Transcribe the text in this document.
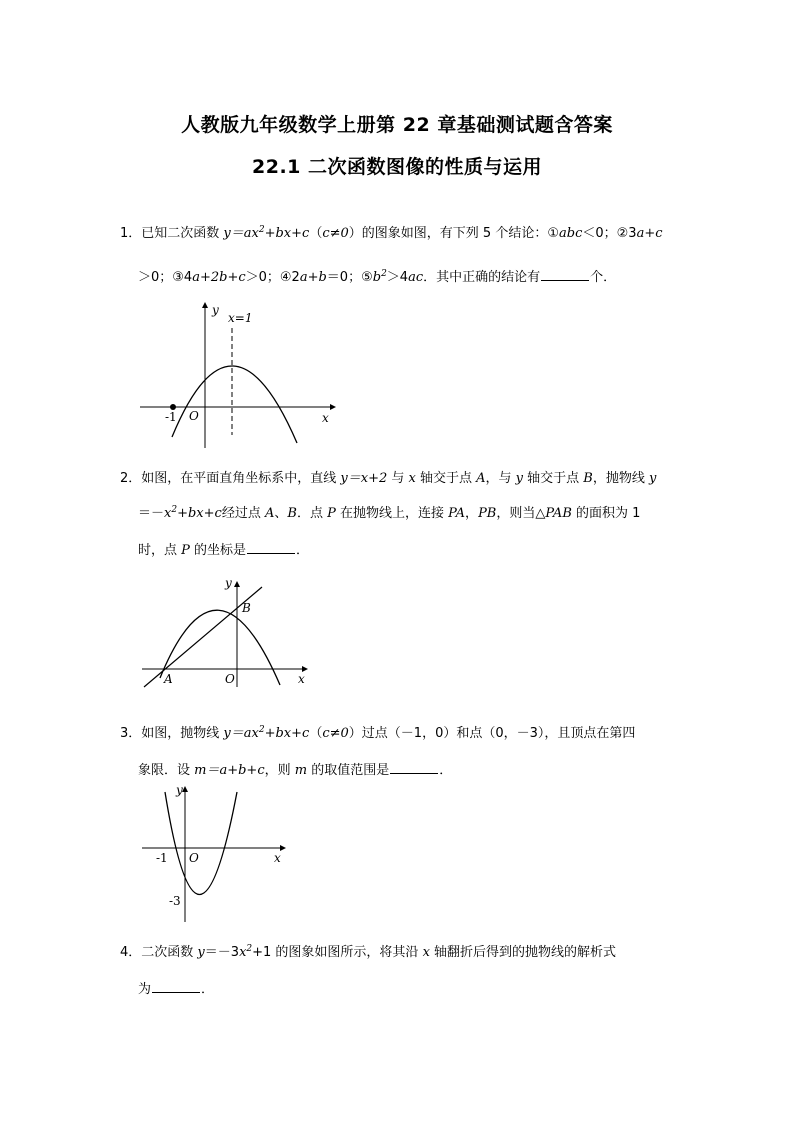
人教版九年级数学上册第 22 章基础测试题含答案
22.1 二次函数图像的性质与运用
1．已知二次函数 $y=ax^2+bx+c(c\ne 0)$的图象如图，有下列 5 个结论：①abc＜0；②3a+c
＞0；③4a+2b+c＞0；④2a+b＝0；$⑤b^2>4ac$．其中正确的结论有	个．
y
x
O
-1
x=1
2．如图，在平面直角坐标系中，直线 y＝x+2 与 x 轴交于点 A，与 y 轴交于点 B，抛物线 y
$=-x^2+bx+c$经过点 A、B．点 P 在抛物线上，连接 PA，PB，则当△PAB 的面积为 1
时，点 P 的坐标是	．
y
x
O
A
B
3．如图，抛物线 $y=ax^2+bx+c(c\ne 0)$过点（－1，0）和点（0，－3），且顶点在第四
象限．设 m＝a+b+c，则 m 的取值范围是	．
y
x
O
-1
-3
4．二次函数 $y=-3x^2+1$ 的图象如图所示，将其沿 x 轴翻折后得到的抛物线的解析式
为	．
